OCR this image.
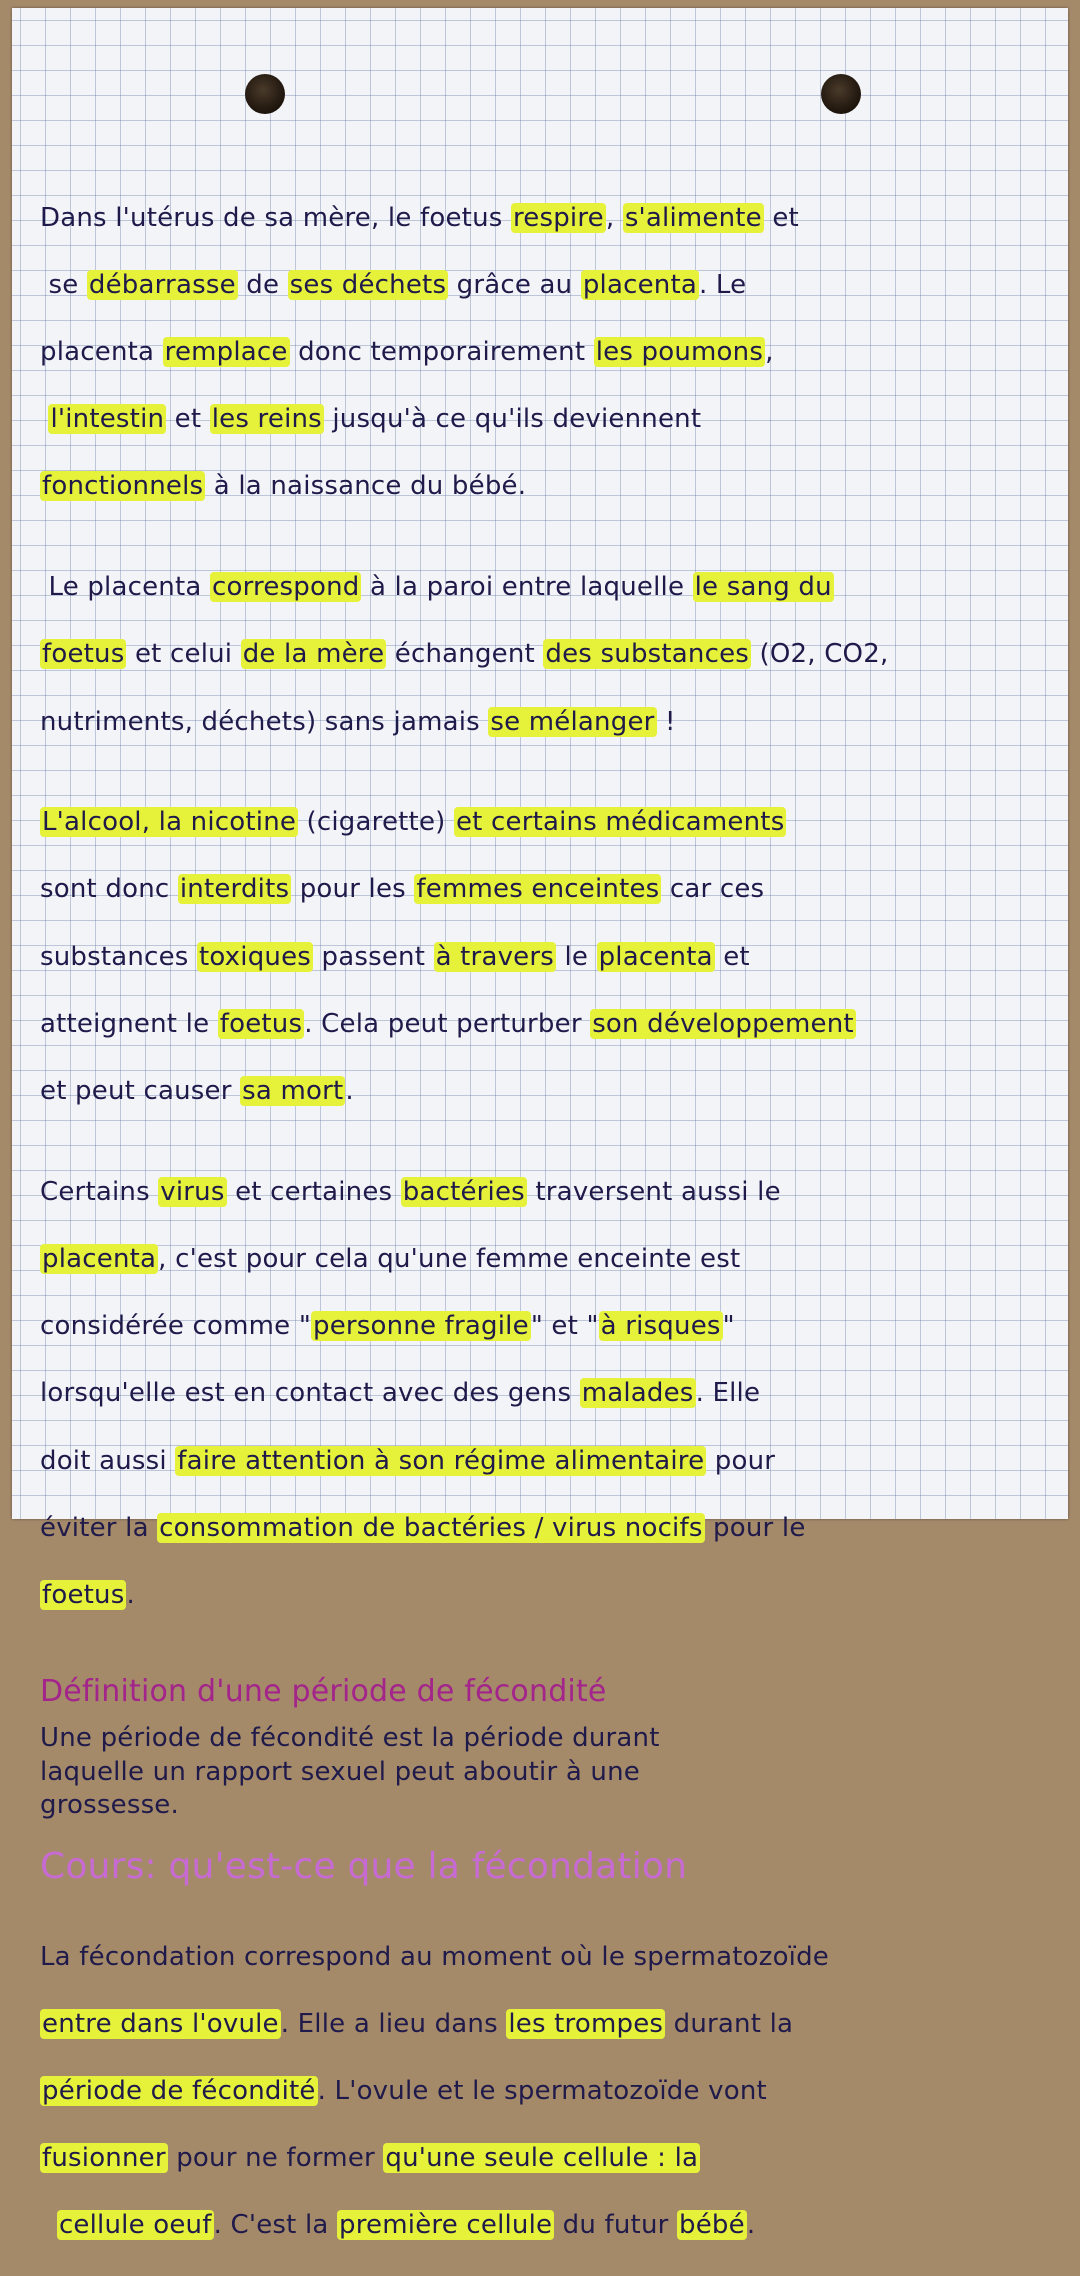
Dans l'utérus de sa mère, le foetus respire, s'alimente et

se débarrasse de ses déchets grâce au placenta. Le

placenta remplace donc temporairement les poumons,

l'intestin et les reins jusqu'à ce qu'ils deviennent

fonctionnels à la naissance du bébé.

Le placenta correspond à la paroi entre laquelle le sang du

foetus et celui de la mère échangent des substances (O2, CO2,

nutriments, déchets) sans jamais se mélanger !

L'alcool, la nicotine (cigarette) et certains médicaments

sont donc interdits pour les femmes enceintes car ces

substances toxiques passent à travers le placenta et

atteignent le foetus. Cela peut perturber son développement

et peut causer sa mort.

Certains virus et certaines bactéries traversent aussi le

placenta, c'est pour cela qu'une femme enceinte est

considérée comme "personne fragile" et "à risques"

lorsqu'elle est en contact avec des gens malades. Elle

doit aussi faire attention à son régime alimentaire pour

éviter la consommation de bactéries / virus nocifs pour le

foetus.

Définition d'une période de fécondité
Une période de fécondité est la période durant
laquelle un rapport sexuel peut aboutir à une
grossesse.
Cours: qu'est-ce que la fécondation

La fécondation correspond au moment où le spermatozoïde

entre dans l'ovule. Elle a lieu dans les trompes durant la

période de fécondité. L'ovule et le spermatozoïde vont

fusionner pour ne former qu'une seule cellule : la

cellule oeuf. C'est la première cellule du futur bébé.
